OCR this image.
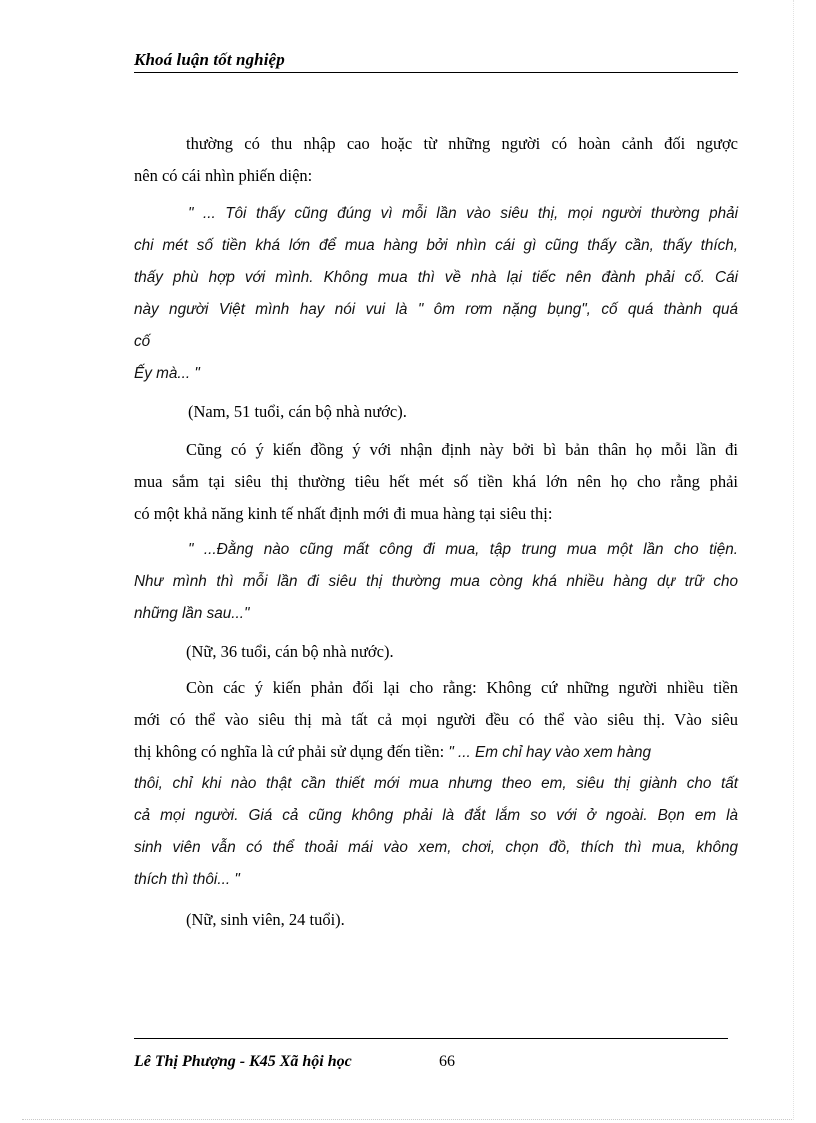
Khoá luận tốt nghiệp
thường có thu nhập cao hoặc từ những người có hoàn cảnh đối ngược
nên có cái nhìn phiến diện:
" ... Tôi thấy cũng đúng vì mỗi lần vào siêu thị, mọi người thường phải
chi mét số tiền khá lớn để mua hàng bởi nhìn cái gì cũng thấy cần, thấy thích,
thấy phù hợp với mình. Không mua thì về nhà lại tiếc nên đành phải cố. Cái
này người Việt mình hay nói vui là " ôm rơm nặng bụng", cố quá thành quá
cố
Ếy mà... "
(Nam, 51 tuổi, cán bộ nhà nước).
Cũng có ý kiến đồng ý với nhận định này bởi bì bản thân họ mỗi lần đi
mua sắm tại siêu thị thường tiêu hết mét số tiền khá lớn nên họ cho rằng phải
có một khả năng kinh tế nhất định mới đi mua hàng tại siêu thị:
" ...Đằng nào cũng mất công đi mua, tập trung mua một lần cho tiện.
Như mình thì mỗi lần đi siêu thị thường mua còng khá nhiều hàng dự trữ cho
những lần sau..."
(Nữ, 36 tuổi, cán bộ nhà nước).
Còn các ý kiến phản đối lại cho rằng: Không cứ những người nhiều tiền
mới có thể vào siêu thị mà tất cả mọi người đều có thể vào siêu thị. Vào siêu
thị không có nghĩa là cứ phải sử dụng đến tiền: " ... Em chỉ hay vào xem hàng
thôi, chỉ khi nào thật cần thiết mới mua nhưng theo em, siêu thị giành cho tất
cả mọi người. Giá cả cũng không phải là đắt lắm so với ở ngoài. Bọn em là
sinh viên vẫn có thể thoải mái vào xem, chơi, chọn đồ, thích thì mua, không
thích thì thôi... "
(Nữ, sinh viên, 24 tuổi).
Lê Thị Phượng - K45 Xã hội học	66
